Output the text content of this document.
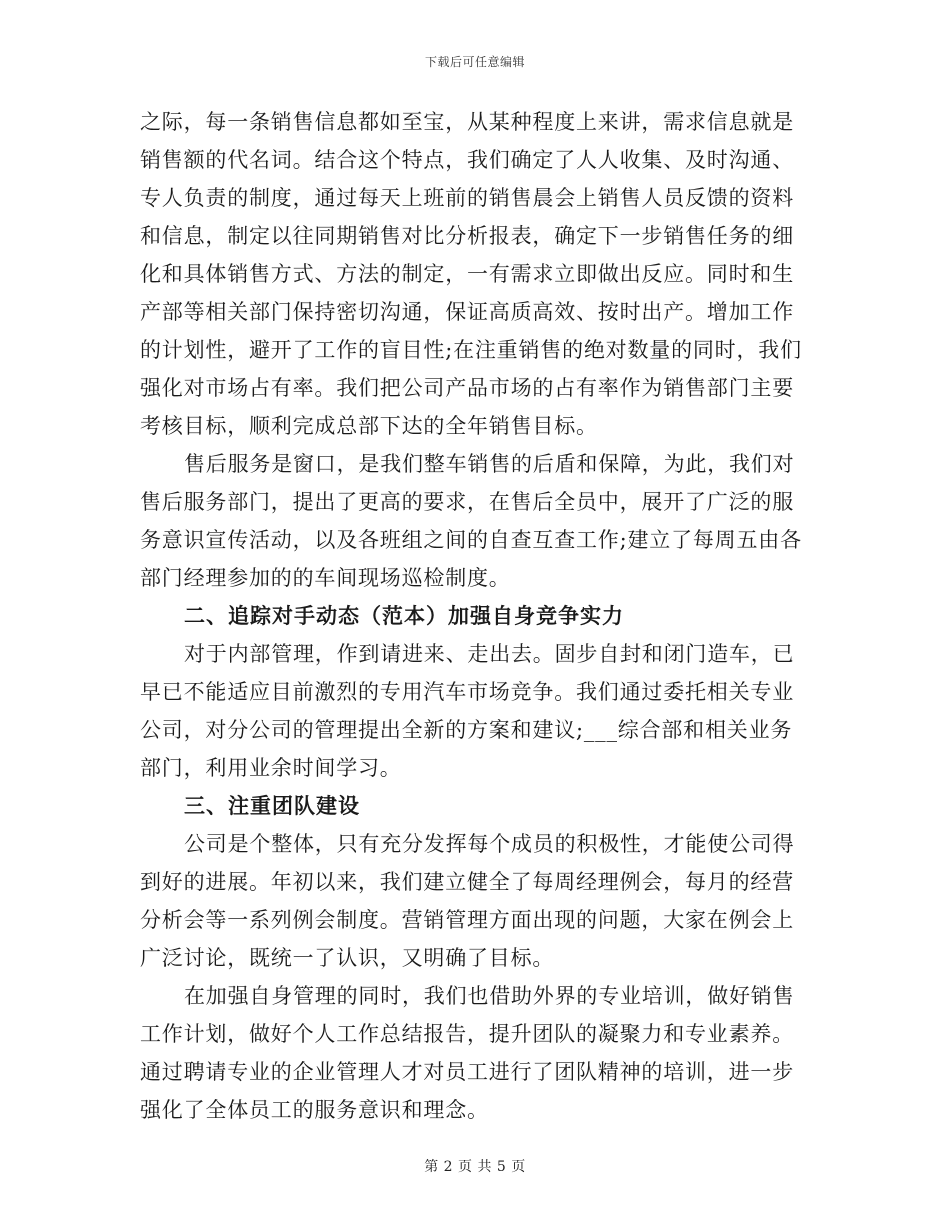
下载后可任意编辑
之际，每一条销售信息都如至宝，从某种程度上来讲，需求信息就是
销售额的代名词。结合这个特点，我们确定了人人收集、及时沟通、
专人负责的制度，通过每天上班前的销售晨会上销售人员反馈的资料
和信息，制定以往同期销售对比分析报表，确定下一步销售任务的细
化和具体销售方式、方法的制定，一有需求立即做出反应。同时和生
产部等相关部门保持密切沟通，保证高质高效、按时出产。增加工作
的计划性，避开了工作的盲目性;在注重销售的绝对数量的同时，我们
强化对市场占有率。我们把公司产品市场的占有率作为销售部门主要
考核目标，顺利完成总部下达的全年销售目标。
售后服务是窗口，是我们整车销售的后盾和保障，为此，我们对
售后服务部门，提出了更高的要求，在售后全员中，展开了广泛的服
务意识宣传活动，以及各班组之间的自查互查工作;建立了每周五由各
部门经理参加的的车间现场巡检制度。
二、追踪对手动态（范本）加强自身竞争实力
对于内部管理，作到请进来、走出去。固步自封和闭门造车，已
早已不能适应目前激烈的专用汽车市场竞争。我们通过委托相关专业
公司，对分公司的管理提出全新的方案和建议;___综合部和相关业务
部门，利用业余时间学习。
三、注重团队建设
公司是个整体，只有充分发挥每个成员的积极性，才能使公司得
到好的进展。年初以来，我们建立健全了每周经理例会，每月的经营
分析会等一系列例会制度。营销管理方面出现的问题，大家在例会上
广泛讨论，既统一了认识，又明确了目标。
在加强自身管理的同时，我们也借助外界的专业培训，做好销售
工作计划，做好个人工作总结报告，提升团队的凝聚力和专业素养。
通过聘请专业的企业管理人才对员工进行了团队精神的培训，进一步
强化了全体员工的服务意识和理念。
第 2 页 共 5 页
